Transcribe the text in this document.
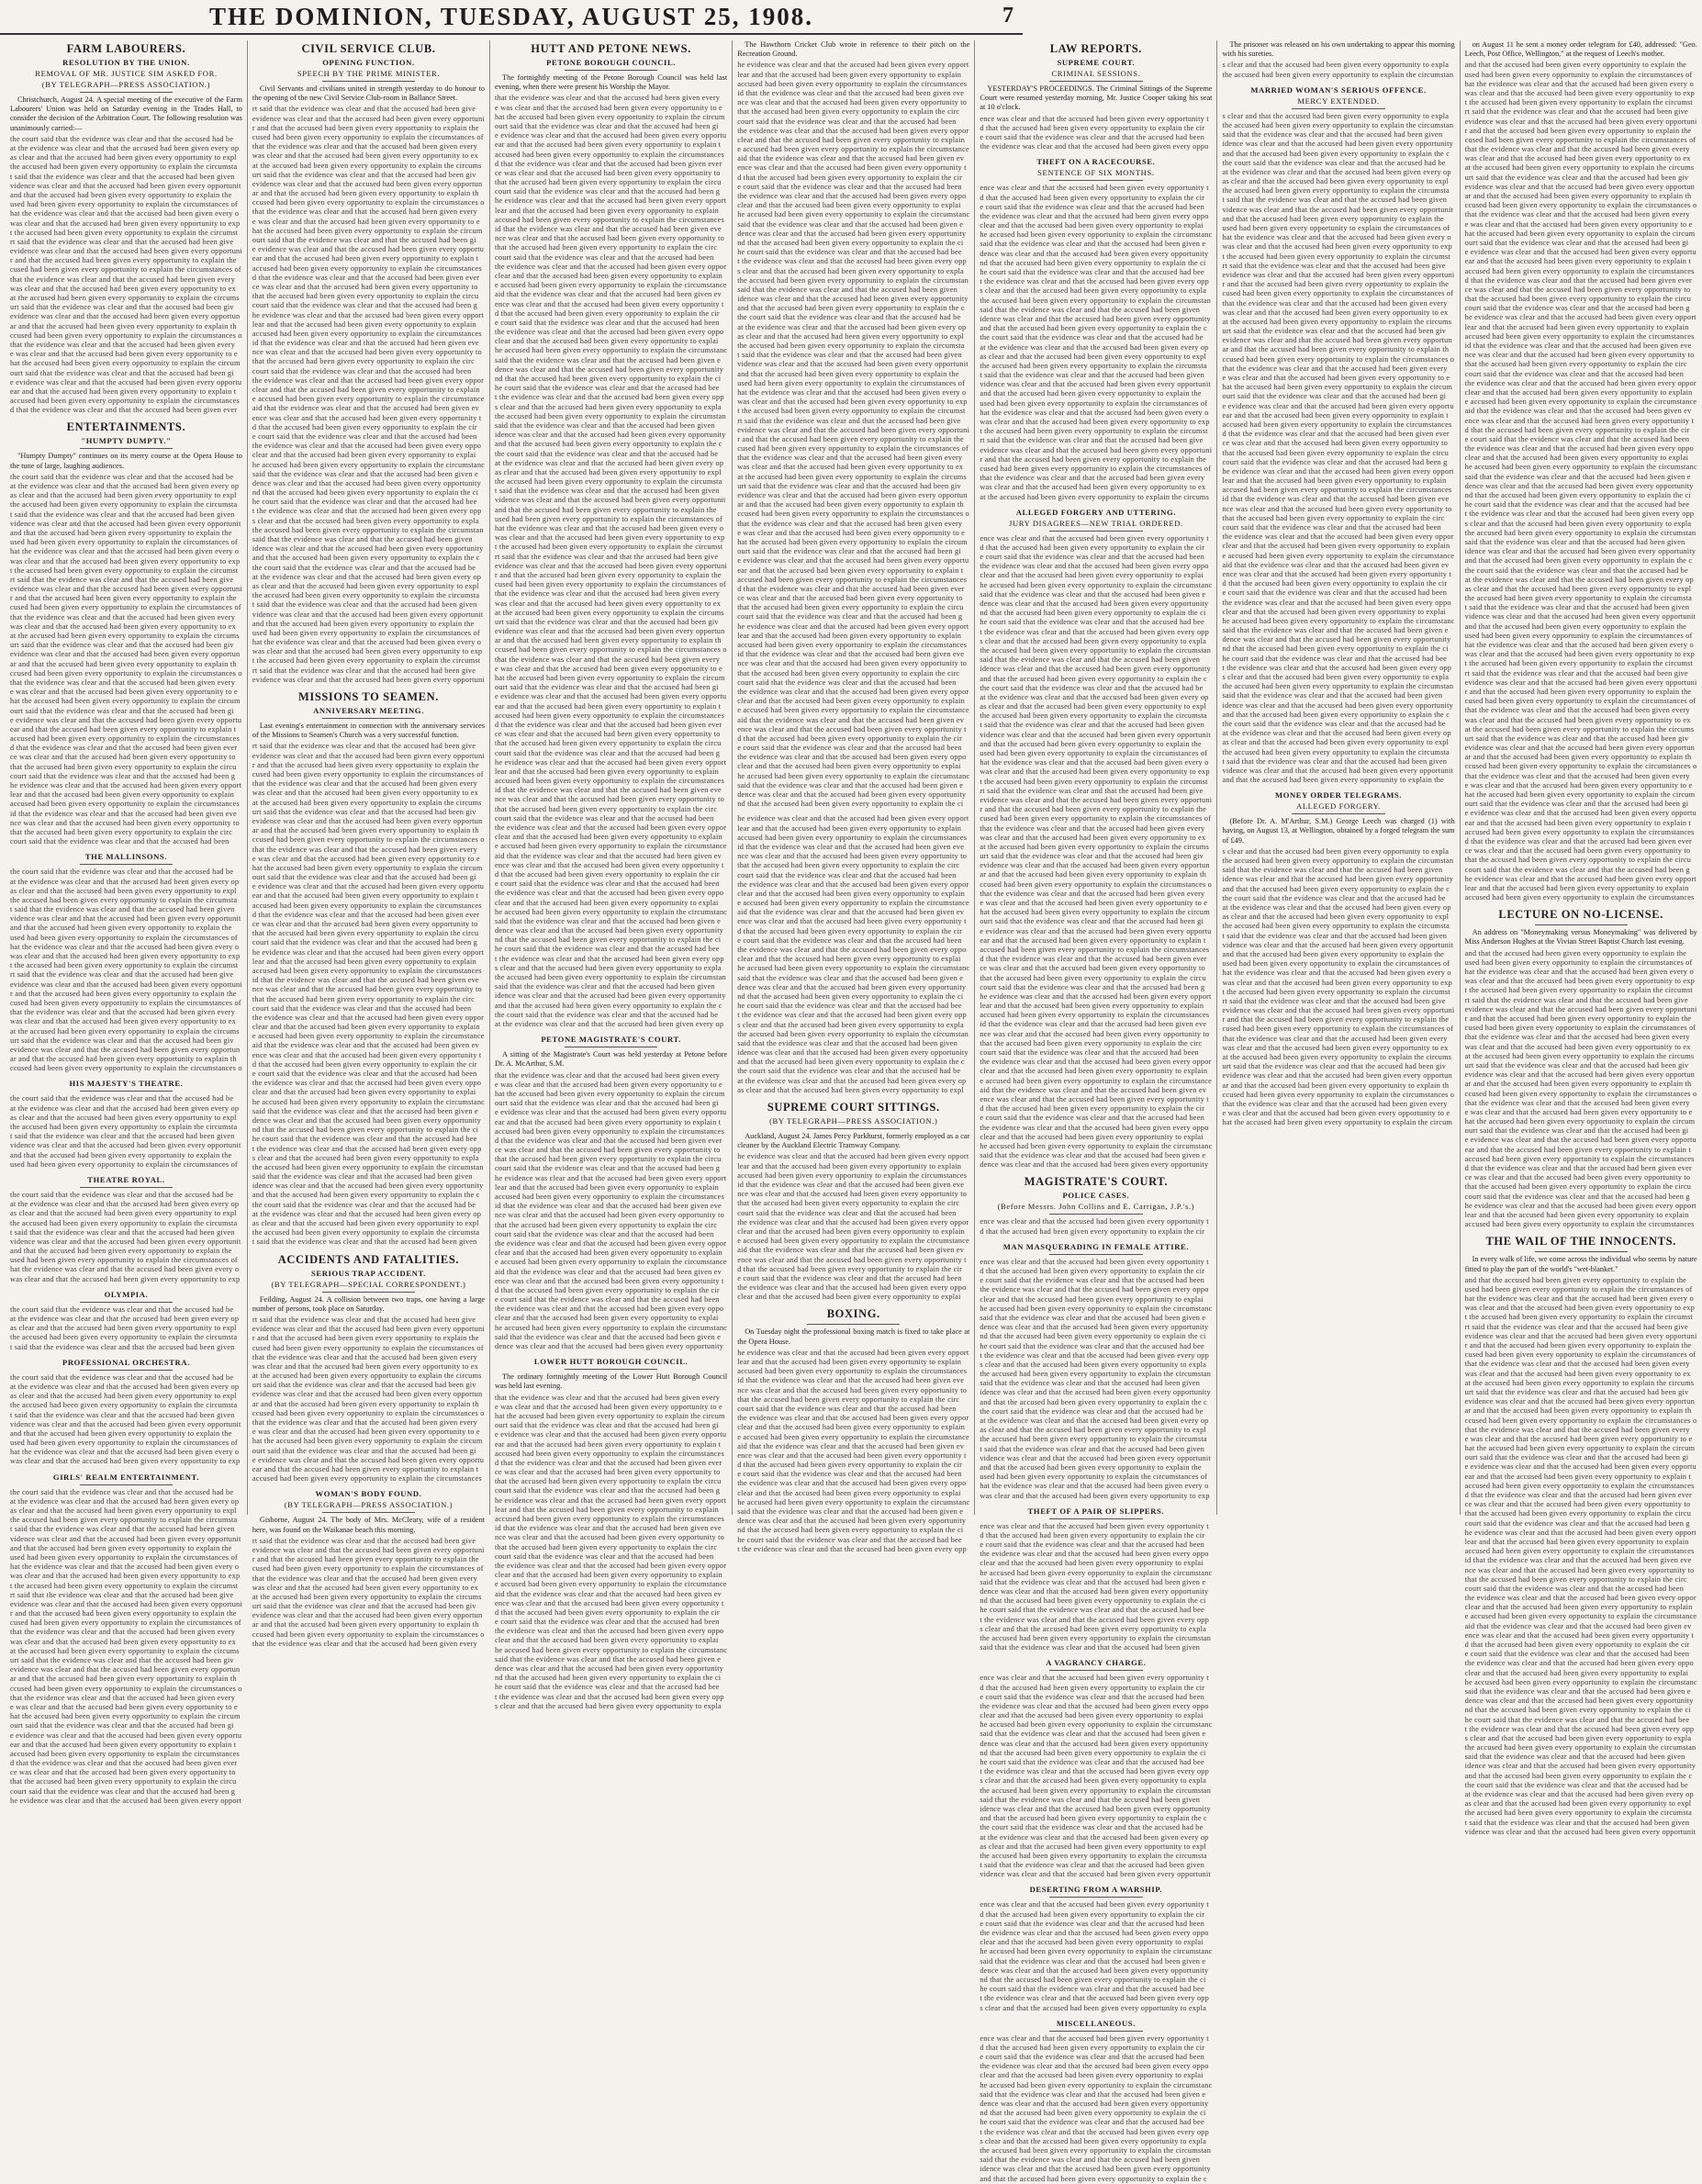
THE DOMINION, TUESDAY, AUGUST 25, 1908.	7
FARM LABOURERS.
RESOLUTION BY THE UNION.
REMOVAL OF MR. JUSTICE SIM ASKED FOR.
(BY TELEGRAPH—PRESS ASSOCIATION.)

Christchurch, August 24. A special meeting of the executive of the Farm Labourers' Union was held on Saturday evening in the Trades Hall, to consider the decision of the Arbitration Court. The following resolution was unanimously carried:—

the court said that the evidence was clear and that the accused had be
at the evidence was clear and that the accused had been given every op
as clear and that the accused had been given every opportunity to expl
the accused had been given every opportunity to explain the circumsta
t said that the evidence was clear and that the accused had been given
vidence was clear and that the accused had been given every opportunit
and that the accused had been given every opportunity to explain the
used had been given every opportunity to explain the circumstances of
hat the evidence was clear and that the accused had been given every o
was clear and that the accused had been given every opportunity to exp
t the accused had been given every opportunity to explain the circumst
rt said that the evidence was clear and that the accused had been give
evidence was clear and that the accused had been given every opportuni
r and that the accused had been given every opportunity to explain the
cused had been given every opportunity to explain the circumstances of
that the evidence was clear and that the accused had been given every
was clear and that the accused had been given every opportunity to ex
at the accused had been given every opportunity to explain the circums
urt said that the evidence was clear and that the accused had been giv
evidence was clear and that the accused had been given every opportun
ar and that the accused had been given every opportunity to explain th
ccused had been given every opportunity to explain the circumstances o
that the evidence was clear and that the accused had been given every
e was clear and that the accused had been given every opportunity to e
hat the accused had been given every opportunity to explain the circum
ourt said that the evidence was clear and that the accused had been gi
e evidence was clear and that the accused had been given every opportu
ear and that the accused had been given every opportunity to explain t
accused had been given every opportunity to explain the circumstances
d that the evidence was clear and that the accused had been given ever
ENTERTAINMENTS.
"HUMPTY DUMPTY."

"Humpty Dumpty" continues on its merry course at the Opera House to the tune of large, laughing audiences.

the court said that the evidence was clear and that the accused had be
at the evidence was clear and that the accused had been given every op
as clear and that the accused had been given every opportunity to expl
the accused had been given every opportunity to explain the circumsta
t said that the evidence was clear and that the accused had been given
vidence was clear and that the accused had been given every opportunit
and that the accused had been given every opportunity to explain the
used had been given every opportunity to explain the circumstances of
hat the evidence was clear and that the accused had been given every o
was clear and that the accused had been given every opportunity to exp
t the accused had been given every opportunity to explain the circumst
rt said that the evidence was clear and that the accused had been give
evidence was clear and that the accused had been given every opportuni
r and that the accused had been given every opportunity to explain the
cused had been given every opportunity to explain the circumstances of
that the evidence was clear and that the accused had been given every
was clear and that the accused had been given every opportunity to ex
at the accused had been given every opportunity to explain the circums
urt said that the evidence was clear and that the accused had been giv
evidence was clear and that the accused had been given every opportun
ar and that the accused had been given every opportunity to explain th
ccused had been given every opportunity to explain the circumstances o
that the evidence was clear and that the accused had been given every
e was clear and that the accused had been given every opportunity to e
hat the accused had been given every opportunity to explain the circum
ourt said that the evidence was clear and that the accused had been gi
e evidence was clear and that the accused had been given every opportu
ear and that the accused had been given every opportunity to explain t
accused had been given every opportunity to explain the circumstances
d that the evidence was clear and that the accused had been given ever
ce was clear and that the accused had been given every opportunity to
that the accused had been given every opportunity to explain the circu
court said that the evidence was clear and that the accused had been g
he evidence was clear and that the accused had been given every opport
lear and that the accused had been given every opportunity to explain
accused had been given every opportunity to explain the circumstances
id that the evidence was clear and that the accused had been given eve
nce was clear and that the accused had been given every opportunity to
that the accused had been given every opportunity to explain the circ
court said that the evidence was clear and that the accused had been
THE MALLINSONS.
the court said that the evidence was clear and that the accused had be
at the evidence was clear and that the accused had been given every op
as clear and that the accused had been given every opportunity to expl
the accused had been given every opportunity to explain the circumsta
t said that the evidence was clear and that the accused had been given
vidence was clear and that the accused had been given every opportunit
and that the accused had been given every opportunity to explain the
used had been given every opportunity to explain the circumstances of
hat the evidence was clear and that the accused had been given every o
was clear and that the accused had been given every opportunity to exp
t the accused had been given every opportunity to explain the circumst
rt said that the evidence was clear and that the accused had been give
evidence was clear and that the accused had been given every opportuni
r and that the accused had been given every opportunity to explain the
cused had been given every opportunity to explain the circumstances of
that the evidence was clear and that the accused had been given every
was clear and that the accused had been given every opportunity to ex
at the accused had been given every opportunity to explain the circums
urt said that the evidence was clear and that the accused had been giv
evidence was clear and that the accused had been given every opportun
ar and that the accused had been given every opportunity to explain th
ccused had been given every opportunity to explain the circumstances o
HIS MAJESTY'S THEATRE.
the court said that the evidence was clear and that the accused had be
at the evidence was clear and that the accused had been given every op
as clear and that the accused had been given every opportunity to expl
the accused had been given every opportunity to explain the circumsta
t said that the evidence was clear and that the accused had been given
vidence was clear and that the accused had been given every opportunit
and that the accused had been given every opportunity to explain the
used had been given every opportunity to explain the circumstances of
THEATRE ROYAL.
the court said that the evidence was clear and that the accused had be
at the evidence was clear and that the accused had been given every op
as clear and that the accused had been given every opportunity to expl
the accused had been given every opportunity to explain the circumsta
t said that the evidence was clear and that the accused had been given
vidence was clear and that the accused had been given every opportunit
and that the accused had been given every opportunity to explain the
used had been given every opportunity to explain the circumstances of
hat the evidence was clear and that the accused had been given every o
was clear and that the accused had been given every opportunity to exp
OLYMPIA.
the court said that the evidence was clear and that the accused had be
at the evidence was clear and that the accused had been given every op
as clear and that the accused had been given every opportunity to expl
the accused had been given every opportunity to explain the circumsta
t said that the evidence was clear and that the accused had been given
PROFESSIONAL ORCHESTRA.
the court said that the evidence was clear and that the accused had be
at the evidence was clear and that the accused had been given every op
as clear and that the accused had been given every opportunity to expl
the accused had been given every opportunity to explain the circumsta
t said that the evidence was clear and that the accused had been given
vidence was clear and that the accused had been given every opportunit
and that the accused had been given every opportunity to explain the
used had been given every opportunity to explain the circumstances of
hat the evidence was clear and that the accused had been given every o
was clear and that the accused had been given every opportunity to exp
GIRLS' REALM ENTERTAINMENT.
the court said that the evidence was clear and that the accused had be
at the evidence was clear and that the accused had been given every op
as clear and that the accused had been given every opportunity to expl
the accused had been given every opportunity to explain the circumsta
t said that the evidence was clear and that the accused had been given
vidence was clear and that the accused had been given every opportunit
and that the accused had been given every opportunity to explain the
used had been given every opportunity to explain the circumstances of
hat the evidence was clear and that the accused had been given every o
was clear and that the accused had been given every opportunity to exp
t the accused had been given every opportunity to explain the circumst
rt said that the evidence was clear and that the accused had been give
evidence was clear and that the accused had been given every opportuni
r and that the accused had been given every opportunity to explain the
cused had been given every opportunity to explain the circumstances of
that the evidence was clear and that the accused had been given every
was clear and that the accused had been given every opportunity to ex
at the accused had been given every opportunity to explain the circums
urt said that the evidence was clear and that the accused had been giv
evidence was clear and that the accused had been given every opportun
ar and that the accused had been given every opportunity to explain th
ccused had been given every opportunity to explain the circumstances o
that the evidence was clear and that the accused had been given every
e was clear and that the accused had been given every opportunity to e
hat the accused had been given every opportunity to explain the circum
ourt said that the evidence was clear and that the accused had been gi
e evidence was clear and that the accused had been given every opportu
ear and that the accused had been given every opportunity to explain t
accused had been given every opportunity to explain the circumstances
d that the evidence was clear and that the accused had been given ever
ce was clear and that the accused had been given every opportunity to
that the accused had been given every opportunity to explain the circu
court said that the evidence was clear and that the accused had been g
he evidence was clear and that the accused had been given every opport
CIVIL SERVICE CLUB.
OPENING FUNCTION.
SPEECH BY THE PRIME MINISTER.

Civil Servants and civilians united in strength yesterday to do honour to the opening of the new Civil Service Club-room in Ballance Street.

rt said that the evidence was clear and that the accused had been give
evidence was clear and that the accused had been given every opportuni
r and that the accused had been given every opportunity to explain the
cused had been given every opportunity to explain the circumstances of
that the evidence was clear and that the accused had been given every
was clear and that the accused had been given every opportunity to ex
at the accused had been given every opportunity to explain the circums
urt said that the evidence was clear and that the accused had been giv
evidence was clear and that the accused had been given every opportun
ar and that the accused had been given every opportunity to explain th
ccused had been given every opportunity to explain the circumstances o
that the evidence was clear and that the accused had been given every
e was clear and that the accused had been given every opportunity to e
hat the accused had been given every opportunity to explain the circum
ourt said that the evidence was clear and that the accused had been gi
e evidence was clear and that the accused had been given every opportu
ear and that the accused had been given every opportunity to explain t
accused had been given every opportunity to explain the circumstances
d that the evidence was clear and that the accused had been given ever
ce was clear and that the accused had been given every opportunity to
that the accused had been given every opportunity to explain the circu
court said that the evidence was clear and that the accused had been g
he evidence was clear and that the accused had been given every opport
lear and that the accused had been given every opportunity to explain
accused had been given every opportunity to explain the circumstances
id that the evidence was clear and that the accused had been given eve
nce was clear and that the accused had been given every opportunity to
that the accused had been given every opportunity to explain the circ
court said that the evidence was clear and that the accused had been
the evidence was clear and that the accused had been given every oppor
clear and that the accused had been given every opportunity to explain
e accused had been given every opportunity to explain the circumstance
aid that the evidence was clear and that the accused had been given ev
ence was clear and that the accused had been given every opportunity t
d that the accused had been given every opportunity to explain the cir
e court said that the evidence was clear and that the accused had been
the evidence was clear and that the accused had been given every oppo
clear and that the accused had been given every opportunity to explai
he accused had been given every opportunity to explain the circumstanc
said that the evidence was clear and that the accused had been given e
dence was clear and that the accused had been given every opportunity
nd that the accused had been given every opportunity to explain the ci
he court said that the evidence was clear and that the accused had bee
t the evidence was clear and that the accused had been given every opp
s clear and that the accused had been given every opportunity to expla
the accused had been given every opportunity to explain the circumstan
said that the evidence was clear and that the accused had been given
idence was clear and that the accused had been given every opportunity
and that the accused had been given every opportunity to explain the c
the court said that the evidence was clear and that the accused had be
at the evidence was clear and that the accused had been given every op
as clear and that the accused had been given every opportunity to expl
the accused had been given every opportunity to explain the circumsta
t said that the evidence was clear and that the accused had been given
vidence was clear and that the accused had been given every opportunit
and that the accused had been given every opportunity to explain the
used had been given every opportunity to explain the circumstances of
hat the evidence was clear and that the accused had been given every o
was clear and that the accused had been given every opportunity to exp
t the accused had been given every opportunity to explain the circumst
rt said that the evidence was clear and that the accused had been give
evidence was clear and that the accused had been given every opportuni
MISSIONS TO SEAMEN.
ANNIVERSARY MEETING.

Last evening's entertainment in connection with the anniversary services of the Missions to Seamen's Church was a very successful function.

rt said that the evidence was clear and that the accused had been give
evidence was clear and that the accused had been given every opportuni
r and that the accused had been given every opportunity to explain the
cused had been given every opportunity to explain the circumstances of
that the evidence was clear and that the accused had been given every
was clear and that the accused had been given every opportunity to ex
at the accused had been given every opportunity to explain the circums
urt said that the evidence was clear and that the accused had been giv
evidence was clear and that the accused had been given every opportun
ar and that the accused had been given every opportunity to explain th
ccused had been given every opportunity to explain the circumstances o
that the evidence was clear and that the accused had been given every
e was clear and that the accused had been given every opportunity to e
hat the accused had been given every opportunity to explain the circum
ourt said that the evidence was clear and that the accused had been gi
e evidence was clear and that the accused had been given every opportu
ear and that the accused had been given every opportunity to explain t
accused had been given every opportunity to explain the circumstances
d that the evidence was clear and that the accused had been given ever
ce was clear and that the accused had been given every opportunity to
that the accused had been given every opportunity to explain the circu
court said that the evidence was clear and that the accused had been g
he evidence was clear and that the accused had been given every opport
lear and that the accused had been given every opportunity to explain
accused had been given every opportunity to explain the circumstances
id that the evidence was clear and that the accused had been given eve
nce was clear and that the accused had been given every opportunity to
that the accused had been given every opportunity to explain the circ
court said that the evidence was clear and that the accused had been
the evidence was clear and that the accused had been given every oppor
clear and that the accused had been given every opportunity to explain
e accused had been given every opportunity to explain the circumstance
aid that the evidence was clear and that the accused had been given ev
ence was clear and that the accused had been given every opportunity t
d that the accused had been given every opportunity to explain the cir
e court said that the evidence was clear and that the accused had been
the evidence was clear and that the accused had been given every oppo
clear and that the accused had been given every opportunity to explai
he accused had been given every opportunity to explain the circumstanc
said that the evidence was clear and that the accused had been given e
dence was clear and that the accused had been given every opportunity
nd that the accused had been given every opportunity to explain the ci
he court said that the evidence was clear and that the accused had bee
t the evidence was clear and that the accused had been given every opp
s clear and that the accused had been given every opportunity to expla
the accused had been given every opportunity to explain the circumstan
said that the evidence was clear and that the accused had been given
idence was clear and that the accused had been given every opportunity
and that the accused had been given every opportunity to explain the c
the court said that the evidence was clear and that the accused had be
at the evidence was clear and that the accused had been given every op
as clear and that the accused had been given every opportunity to expl
the accused had been given every opportunity to explain the circumsta
t said that the evidence was clear and that the accused had been given
ACCIDENTS AND FATALITIES.
SERIOUS TRAP ACCIDENT.
(BY TELEGRAPH—SPECIAL CORRESPONDENT.)

Feilding, August 24. A collision between two traps, one having a large number of persons, took place on Saturday.

rt said that the evidence was clear and that the accused had been give
evidence was clear and that the accused had been given every opportuni
r and that the accused had been given every opportunity to explain the
cused had been given every opportunity to explain the circumstances of
that the evidence was clear and that the accused had been given every
was clear and that the accused had been given every opportunity to ex
at the accused had been given every opportunity to explain the circums
urt said that the evidence was clear and that the accused had been giv
evidence was clear and that the accused had been given every opportun
ar and that the accused had been given every opportunity to explain th
ccused had been given every opportunity to explain the circumstances o
that the evidence was clear and that the accused had been given every
e was clear and that the accused had been given every opportunity to e
hat the accused had been given every opportunity to explain the circum
ourt said that the evidence was clear and that the accused had been gi
e evidence was clear and that the accused had been given every opportu
ear and that the accused had been given every opportunity to explain t
accused had been given every opportunity to explain the circumstances
WOMAN'S BODY FOUND.
(BY TELEGRAPH—PRESS ASSOCIATION.)

Gisborne, August 24. The body of Mrs. McCleary, wife of a resident here, was found on the Waikanae beach this morning.

rt said that the evidence was clear and that the accused had been give
evidence was clear and that the accused had been given every opportuni
r and that the accused had been given every opportunity to explain the
cused had been given every opportunity to explain the circumstances of
that the evidence was clear and that the accused had been given every
was clear and that the accused had been given every opportunity to ex
at the accused had been given every opportunity to explain the circums
urt said that the evidence was clear and that the accused had been giv
evidence was clear and that the accused had been given every opportun
ar and that the accused had been given every opportunity to explain th
ccused had been given every opportunity to explain the circumstances o
that the evidence was clear and that the accused had been given every
HUTT AND PETONE NEWS.
PETONE BOROUGH COUNCIL.

The fortnightly meeting of the Petone Borough Council was held last evening, when there were present his Worship the Mayor.

that the evidence was clear and that the accused had been given every
e was clear and that the accused had been given every opportunity to e
hat the accused had been given every opportunity to explain the circum
ourt said that the evidence was clear and that the accused had been gi
e evidence was clear and that the accused had been given every opportu
ear and that the accused had been given every opportunity to explain t
accused had been given every opportunity to explain the circumstances
d that the evidence was clear and that the accused had been given ever
ce was clear and that the accused had been given every opportunity to
that the accused had been given every opportunity to explain the circu
court said that the evidence was clear and that the accused had been g
he evidence was clear and that the accused had been given every opport
lear and that the accused had been given every opportunity to explain
accused had been given every opportunity to explain the circumstances
id that the evidence was clear and that the accused had been given eve
nce was clear and that the accused had been given every opportunity to
that the accused had been given every opportunity to explain the circ
court said that the evidence was clear and that the accused had been
the evidence was clear and that the accused had been given every oppor
clear and that the accused had been given every opportunity to explain
e accused had been given every opportunity to explain the circumstance
aid that the evidence was clear and that the accused had been given ev
ence was clear and that the accused had been given every opportunity t
d that the accused had been given every opportunity to explain the cir
e court said that the evidence was clear and that the accused had been
the evidence was clear and that the accused had been given every oppo
clear and that the accused had been given every opportunity to explai
he accused had been given every opportunity to explain the circumstanc
said that the evidence was clear and that the accused had been given e
dence was clear and that the accused had been given every opportunity
nd that the accused had been given every opportunity to explain the ci
he court said that the evidence was clear and that the accused had bee
t the evidence was clear and that the accused had been given every opp
s clear and that the accused had been given every opportunity to expla
the accused had been given every opportunity to explain the circumstan
said that the evidence was clear and that the accused had been given
idence was clear and that the accused had been given every opportunity
and that the accused had been given every opportunity to explain the c
the court said that the evidence was clear and that the accused had be
at the evidence was clear and that the accused had been given every op
as clear and that the accused had been given every opportunity to expl
the accused had been given every opportunity to explain the circumsta
t said that the evidence was clear and that the accused had been given
vidence was clear and that the accused had been given every opportunit
and that the accused had been given every opportunity to explain the
used had been given every opportunity to explain the circumstances of
hat the evidence was clear and that the accused had been given every o
was clear and that the accused had been given every opportunity to exp
t the accused had been given every opportunity to explain the circumst
rt said that the evidence was clear and that the accused had been give
evidence was clear and that the accused had been given every opportuni
r and that the accused had been given every opportunity to explain the
cused had been given every opportunity to explain the circumstances of
that the evidence was clear and that the accused had been given every
was clear and that the accused had been given every opportunity to ex
at the accused had been given every opportunity to explain the circums
urt said that the evidence was clear and that the accused had been giv
evidence was clear and that the accused had been given every opportun
ar and that the accused had been given every opportunity to explain th
ccused had been given every opportunity to explain the circumstances o
that the evidence was clear and that the accused had been given every
e was clear and that the accused had been given every opportunity to e
hat the accused had been given every opportunity to explain the circum
ourt said that the evidence was clear and that the accused had been gi
e evidence was clear and that the accused had been given every opportu
ear and that the accused had been given every opportunity to explain t
accused had been given every opportunity to explain the circumstances
d that the evidence was clear and that the accused had been given ever
ce was clear and that the accused had been given every opportunity to
that the accused had been given every opportunity to explain the circu
court said that the evidence was clear and that the accused had been g
he evidence was clear and that the accused had been given every opport
lear and that the accused had been given every opportunity to explain
accused had been given every opportunity to explain the circumstances
id that the evidence was clear and that the accused had been given eve
nce was clear and that the accused had been given every opportunity to
that the accused had been given every opportunity to explain the circ
court said that the evidence was clear and that the accused had been
the evidence was clear and that the accused had been given every oppor
clear and that the accused had been given every opportunity to explain
e accused had been given every opportunity to explain the circumstance
aid that the evidence was clear and that the accused had been given ev
ence was clear and that the accused had been given every opportunity t
d that the accused had been given every opportunity to explain the cir
e court said that the evidence was clear and that the accused had been
the evidence was clear and that the accused had been given every oppo
clear and that the accused had been given every opportunity to explai
he accused had been given every opportunity to explain the circumstanc
said that the evidence was clear and that the accused had been given e
dence was clear and that the accused had been given every opportunity
nd that the accused had been given every opportunity to explain the ci
he court said that the evidence was clear and that the accused had bee
t the evidence was clear and that the accused had been given every opp
s clear and that the accused had been given every opportunity to expla
the accused had been given every opportunity to explain the circumstan
said that the evidence was clear and that the accused had been given
idence was clear and that the accused had been given every opportunity
and that the accused had been given every opportunity to explain the c
the court said that the evidence was clear and that the accused had be
at the evidence was clear and that the accused had been given every op
PETONE MAGISTRATE'S COURT.

A sitting of the Magistrate's Court was held yesterday at Petone before Dr. A. McArthur, S.M.

that the evidence was clear and that the accused had been given every
e was clear and that the accused had been given every opportunity to e
hat the accused had been given every opportunity to explain the circum
ourt said that the evidence was clear and that the accused had been gi
e evidence was clear and that the accused had been given every opportu
ear and that the accused had been given every opportunity to explain t
accused had been given every opportunity to explain the circumstances
d that the evidence was clear and that the accused had been given ever
ce was clear and that the accused had been given every opportunity to
that the accused had been given every opportunity to explain the circu
court said that the evidence was clear and that the accused had been g
he evidence was clear and that the accused had been given every opport
lear and that the accused had been given every opportunity to explain
accused had been given every opportunity to explain the circumstances
id that the evidence was clear and that the accused had been given eve
nce was clear and that the accused had been given every opportunity to
that the accused had been given every opportunity to explain the circ
court said that the evidence was clear and that the accused had been
the evidence was clear and that the accused had been given every oppor
clear and that the accused had been given every opportunity to explain
e accused had been given every opportunity to explain the circumstance
aid that the evidence was clear and that the accused had been given ev
ence was clear and that the accused had been given every opportunity t
d that the accused had been given every opportunity to explain the cir
e court said that the evidence was clear and that the accused had been
the evidence was clear and that the accused had been given every oppo
clear and that the accused had been given every opportunity to explai
he accused had been given every opportunity to explain the circumstanc
said that the evidence was clear and that the accused had been given e
dence was clear and that the accused had been given every opportunity
LOWER HUTT BOROUGH COUNCIL.

The ordinary fortnightly meeting of the Lower Hutt Borough Council was held last evening.

that the evidence was clear and that the accused had been given every
e was clear and that the accused had been given every opportunity to e
hat the accused had been given every opportunity to explain the circum
ourt said that the evidence was clear and that the accused had been gi
e evidence was clear and that the accused had been given every opportu
ear and that the accused had been given every opportunity to explain t
accused had been given every opportunity to explain the circumstances
d that the evidence was clear and that the accused had been given ever
ce was clear and that the accused had been given every opportunity to
that the accused had been given every opportunity to explain the circu
court said that the evidence was clear and that the accused had been g
he evidence was clear and that the accused had been given every opport
lear and that the accused had been given every opportunity to explain
accused had been given every opportunity to explain the circumstances
id that the evidence was clear and that the accused had been given eve
nce was clear and that the accused had been given every opportunity to
that the accused had been given every opportunity to explain the circ
court said that the evidence was clear and that the accused had been
the evidence was clear and that the accused had been given every oppor
clear and that the accused had been given every opportunity to explain
e accused had been given every opportunity to explain the circumstance
aid that the evidence was clear and that the accused had been given ev
ence was clear and that the accused had been given every opportunity t
d that the accused had been given every opportunity to explain the cir
e court said that the evidence was clear and that the accused had been
the evidence was clear and that the accused had been given every oppo
clear and that the accused had been given every opportunity to explai
he accused had been given every opportunity to explain the circumstanc
said that the evidence was clear and that the accused had been given e
dence was clear and that the accused had been given every opportunity
nd that the accused had been given every opportunity to explain the ci
he court said that the evidence was clear and that the accused had bee
t the evidence was clear and that the accused had been given every opp
s clear and that the accused had been given every opportunity to expla

The Hawthorn Cricket Club wrote in reference to their pitch on the Recreation Ground.

he evidence was clear and that the accused had been given every opport
lear and that the accused had been given every opportunity to explain
accused had been given every opportunity to explain the circumstances
id that the evidence was clear and that the accused had been given eve
nce was clear and that the accused had been given every opportunity to
that the accused had been given every opportunity to explain the circ
court said that the evidence was clear and that the accused had been
the evidence was clear and that the accused had been given every oppor
clear and that the accused had been given every opportunity to explain
e accused had been given every opportunity to explain the circumstance
aid that the evidence was clear and that the accused had been given ev
ence was clear and that the accused had been given every opportunity t
d that the accused had been given every opportunity to explain the cir
e court said that the evidence was clear and that the accused had been
the evidence was clear and that the accused had been given every oppo
clear and that the accused had been given every opportunity to explai
he accused had been given every opportunity to explain the circumstanc
said that the evidence was clear and that the accused had been given e
dence was clear and that the accused had been given every opportunity
nd that the accused had been given every opportunity to explain the ci
he court said that the evidence was clear and that the accused had bee
t the evidence was clear and that the accused had been given every opp
s clear and that the accused had been given every opportunity to expla
the accused had been given every opportunity to explain the circumstan
said that the evidence was clear and that the accused had been given
idence was clear and that the accused had been given every opportunity
and that the accused had been given every opportunity to explain the c
the court said that the evidence was clear and that the accused had be
at the evidence was clear and that the accused had been given every op
as clear and that the accused had been given every opportunity to expl
the accused had been given every opportunity to explain the circumsta
t said that the evidence was clear and that the accused had been given
vidence was clear and that the accused had been given every opportunit
and that the accused had been given every opportunity to explain the
used had been given every opportunity to explain the circumstances of
hat the evidence was clear and that the accused had been given every o
was clear and that the accused had been given every opportunity to exp
t the accused had been given every opportunity to explain the circumst
rt said that the evidence was clear and that the accused had been give
evidence was clear and that the accused had been given every opportuni
r and that the accused had been given every opportunity to explain the
cused had been given every opportunity to explain the circumstances of
that the evidence was clear and that the accused had been given every
was clear and that the accused had been given every opportunity to ex
at the accused had been given every opportunity to explain the circums
urt said that the evidence was clear and that the accused had been giv
evidence was clear and that the accused had been given every opportun
ar and that the accused had been given every opportunity to explain th
ccused had been given every opportunity to explain the circumstances o
that the evidence was clear and that the accused had been given every
e was clear and that the accused had been given every opportunity to e
hat the accused had been given every opportunity to explain the circum
ourt said that the evidence was clear and that the accused had been gi
e evidence was clear and that the accused had been given every opportu
ear and that the accused had been given every opportunity to explain t
accused had been given every opportunity to explain the circumstances
d that the evidence was clear and that the accused had been given ever
ce was clear and that the accused had been given every opportunity to
that the accused had been given every opportunity to explain the circu
court said that the evidence was clear and that the accused had been g
he evidence was clear and that the accused had been given every opport
lear and that the accused had been given every opportunity to explain
accused had been given every opportunity to explain the circumstances
id that the evidence was clear and that the accused had been given eve
nce was clear and that the accused had been given every opportunity to
that the accused had been given every opportunity to explain the circ
court said that the evidence was clear and that the accused had been
the evidence was clear and that the accused had been given every oppor
clear and that the accused had been given every opportunity to explain
e accused had been given every opportunity to explain the circumstance
aid that the evidence was clear and that the accused had been given ev
ence was clear and that the accused had been given every opportunity t
d that the accused had been given every opportunity to explain the cir
e court said that the evidence was clear and that the accused had been
the evidence was clear and that the accused had been given every oppo
clear and that the accused had been given every opportunity to explai
he accused had been given every opportunity to explain the circumstanc
said that the evidence was clear and that the accused had been given e
dence was clear and that the accused had been given every opportunity
nd that the accused had been given every opportunity to explain the ci
he evidence was clear and that the accused had been given every opport
lear and that the accused had been given every opportunity to explain
accused had been given every opportunity to explain the circumstances
id that the evidence was clear and that the accused had been given eve
nce was clear and that the accused had been given every opportunity to
that the accused had been given every opportunity to explain the circ
court said that the evidence was clear and that the accused had been
the evidence was clear and that the accused had been given every oppor
clear and that the accused had been given every opportunity to explain
e accused had been given every opportunity to explain the circumstance
aid that the evidence was clear and that the accused had been given ev
ence was clear and that the accused had been given every opportunity t
d that the accused had been given every opportunity to explain the cir
e court said that the evidence was clear and that the accused had been
the evidence was clear and that the accused had been given every oppo
clear and that the accused had been given every opportunity to explai
he accused had been given every opportunity to explain the circumstanc
said that the evidence was clear and that the accused had been given e
dence was clear and that the accused had been given every opportunity
nd that the accused had been given every opportunity to explain the ci
he court said that the evidence was clear and that the accused had bee
t the evidence was clear and that the accused had been given every opp
s clear and that the accused had been given every opportunity to expla
the accused had been given every opportunity to explain the circumstan
said that the evidence was clear and that the accused had been given
idence was clear and that the accused had been given every opportunity
and that the accused had been given every opportunity to explain the c
the court said that the evidence was clear and that the accused had be
at the evidence was clear and that the accused had been given every op
as clear and that the accused had been given every opportunity to expl
SUPREME COURT SITTINGS.
(BY TELEGRAPH—PRESS ASSOCIATION.)

Auckland, August 24. James Percy Parkhurst, formerly employed as a car cleaner by the Auckland Electric Tramway Company.

he evidence was clear and that the accused had been given every opport
lear and that the accused had been given every opportunity to explain
accused had been given every opportunity to explain the circumstances
id that the evidence was clear and that the accused had been given eve
nce was clear and that the accused had been given every opportunity to
that the accused had been given every opportunity to explain the circ
court said that the evidence was clear and that the accused had been
the evidence was clear and that the accused had been given every oppor
clear and that the accused had been given every opportunity to explain
e accused had been given every opportunity to explain the circumstance
aid that the evidence was clear and that the accused had been given ev
ence was clear and that the accused had been given every opportunity t
d that the accused had been given every opportunity to explain the cir
e court said that the evidence was clear and that the accused had been
the evidence was clear and that the accused had been given every oppo
clear and that the accused had been given every opportunity to explai
BOXING.

On Tuesday night the professional boxing match is fixed to take place at the Opera House.

he evidence was clear and that the accused had been given every opport
lear and that the accused had been given every opportunity to explain
accused had been given every opportunity to explain the circumstances
id that the evidence was clear and that the accused had been given eve
nce was clear and that the accused had been given every opportunity to
that the accused had been given every opportunity to explain the circ
court said that the evidence was clear and that the accused had been
the evidence was clear and that the accused had been given every oppor
clear and that the accused had been given every opportunity to explain
e accused had been given every opportunity to explain the circumstance
aid that the evidence was clear and that the accused had been given ev
ence was clear and that the accused had been given every opportunity t
d that the accused had been given every opportunity to explain the cir
e court said that the evidence was clear and that the accused had been
the evidence was clear and that the accused had been given every oppo
clear and that the accused had been given every opportunity to explai
he accused had been given every opportunity to explain the circumstanc
said that the evidence was clear and that the accused had been given e
dence was clear and that the accused had been given every opportunity
nd that the accused had been given every opportunity to explain the ci
he court said that the evidence was clear and that the accused had bee
t the evidence was clear and that the accused had been given every opp
LAW REPORTS.
SUPREME COURT.
CRIMINAL SESSIONS.

YESTERDAY'S PROCEEDINGS. The Criminal Sittings of the Supreme Court were resumed yesterday morning, Mr. Justice Cooper taking his seat at 10 o'clock.

ence was clear and that the accused had been given every opportunity t
d that the accused had been given every opportunity to explain the cir
e court said that the evidence was clear and that the accused had been
the evidence was clear and that the accused had been given every oppo
THEFT ON A RACECOURSE.
SENTENCE OF SIX MONTHS.
ence was clear and that the accused had been given every opportunity t
d that the accused had been given every opportunity to explain the cir
e court said that the evidence was clear and that the accused had been
the evidence was clear and that the accused had been given every oppo
clear and that the accused had been given every opportunity to explai
he accused had been given every opportunity to explain the circumstanc
said that the evidence was clear and that the accused had been given e
dence was clear and that the accused had been given every opportunity
nd that the accused had been given every opportunity to explain the ci
he court said that the evidence was clear and that the accused had bee
t the evidence was clear and that the accused had been given every opp
s clear and that the accused had been given every opportunity to expla
the accused had been given every opportunity to explain the circumstan
said that the evidence was clear and that the accused had been given
idence was clear and that the accused had been given every opportunity
and that the accused had been given every opportunity to explain the c
the court said that the evidence was clear and that the accused had be
at the evidence was clear and that the accused had been given every op
as clear and that the accused had been given every opportunity to expl
the accused had been given every opportunity to explain the circumsta
t said that the evidence was clear and that the accused had been given
vidence was clear and that the accused had been given every opportunit
and that the accused had been given every opportunity to explain the
used had been given every opportunity to explain the circumstances of
hat the evidence was clear and that the accused had been given every o
was clear and that the accused had been given every opportunity to exp
t the accused had been given every opportunity to explain the circumst
rt said that the evidence was clear and that the accused had been give
evidence was clear and that the accused had been given every opportuni
r and that the accused had been given every opportunity to explain the
cused had been given every opportunity to explain the circumstances of
that the evidence was clear and that the accused had been given every
was clear and that the accused had been given every opportunity to ex
at the accused had been given every opportunity to explain the circums
ALLEGED FORGERY AND UTTERING.
JURY DISAGREES—NEW TRIAL ORDERED.
ence was clear and that the accused had been given every opportunity t
d that the accused had been given every opportunity to explain the cir
e court said that the evidence was clear and that the accused had been
the evidence was clear and that the accused had been given every oppo
clear and that the accused had been given every opportunity to explai
he accused had been given every opportunity to explain the circumstanc
said that the evidence was clear and that the accused had been given e
dence was clear and that the accused had been given every opportunity
nd that the accused had been given every opportunity to explain the ci
he court said that the evidence was clear and that the accused had bee
t the evidence was clear and that the accused had been given every opp
s clear and that the accused had been given every opportunity to expla
the accused had been given every opportunity to explain the circumstan
said that the evidence was clear and that the accused had been given
idence was clear and that the accused had been given every opportunity
and that the accused had been given every opportunity to explain the c
the court said that the evidence was clear and that the accused had be
at the evidence was clear and that the accused had been given every op
as clear and that the accused had been given every opportunity to expl
the accused had been given every opportunity to explain the circumsta
t said that the evidence was clear and that the accused had been given
vidence was clear and that the accused had been given every opportunit
and that the accused had been given every opportunity to explain the
used had been given every opportunity to explain the circumstances of
hat the evidence was clear and that the accused had been given every o
was clear and that the accused had been given every opportunity to exp
t the accused had been given every opportunity to explain the circumst
rt said that the evidence was clear and that the accused had been give
evidence was clear and that the accused had been given every opportuni
r and that the accused had been given every opportunity to explain the
cused had been given every opportunity to explain the circumstances of
that the evidence was clear and that the accused had been given every
was clear and that the accused had been given every opportunity to ex
at the accused had been given every opportunity to explain the circums
urt said that the evidence was clear and that the accused had been giv
evidence was clear and that the accused had been given every opportun
ar and that the accused had been given every opportunity to explain th
ccused had been given every opportunity to explain the circumstances o
that the evidence was clear and that the accused had been given every
e was clear and that the accused had been given every opportunity to e
hat the accused had been given every opportunity to explain the circum
ourt said that the evidence was clear and that the accused had been gi
e evidence was clear and that the accused had been given every opportu
ear and that the accused had been given every opportunity to explain t
accused had been given every opportunity to explain the circumstances
d that the evidence was clear and that the accused had been given ever
ce was clear and that the accused had been given every opportunity to
that the accused had been given every opportunity to explain the circu
court said that the evidence was clear and that the accused had been g
he evidence was clear and that the accused had been given every opport
lear and that the accused had been given every opportunity to explain
accused had been given every opportunity to explain the circumstances
id that the evidence was clear and that the accused had been given eve
nce was clear and that the accused had been given every opportunity to
that the accused had been given every opportunity to explain the circ
court said that the evidence was clear and that the accused had been
the evidence was clear and that the accused had been given every oppor
clear and that the accused had been given every opportunity to explain
e accused had been given every opportunity to explain the circumstance
aid that the evidence was clear and that the accused had been given ev
ence was clear and that the accused had been given every opportunity t
d that the accused had been given every opportunity to explain the cir
e court said that the evidence was clear and that the accused had been
the evidence was clear and that the accused had been given every oppo
clear and that the accused had been given every opportunity to explai
he accused had been given every opportunity to explain the circumstanc
said that the evidence was clear and that the accused had been given e
dence was clear and that the accused had been given every opportunity
MAGISTRATE'S COURT.
POLICE CASES.
(Before Messrs. John Collins and E. Carrigan, J.P.'s.)
ence was clear and that the accused had been given every opportunity t
d that the accused had been given every opportunity to explain the cir
MAN MASQUERADING IN FEMALE ATTIRE.
ence was clear and that the accused had been given every opportunity t
d that the accused had been given every opportunity to explain the cir
e court said that the evidence was clear and that the accused had been
the evidence was clear and that the accused had been given every oppo
clear and that the accused had been given every opportunity to explai
he accused had been given every opportunity to explain the circumstanc
said that the evidence was clear and that the accused had been given e
dence was clear and that the accused had been given every opportunity
nd that the accused had been given every opportunity to explain the ci
he court said that the evidence was clear and that the accused had bee
t the evidence was clear and that the accused had been given every opp
s clear and that the accused had been given every opportunity to expla
the accused had been given every opportunity to explain the circumstan
said that the evidence was clear and that the accused had been given
idence was clear and that the accused had been given every opportunity
and that the accused had been given every opportunity to explain the c
the court said that the evidence was clear and that the accused had be
at the evidence was clear and that the accused had been given every op
as clear and that the accused had been given every opportunity to expl
the accused had been given every opportunity to explain the circumsta
t said that the evidence was clear and that the accused had been given
vidence was clear and that the accused had been given every opportunit
and that the accused had been given every opportunity to explain the
used had been given every opportunity to explain the circumstances of
hat the evidence was clear and that the accused had been given every o
was clear and that the accused had been given every opportunity to exp
THEFT OF A PAIR OF SLIPPERS.
ence was clear and that the accused had been given every opportunity t
d that the accused had been given every opportunity to explain the cir
e court said that the evidence was clear and that the accused had been
the evidence was clear and that the accused had been given every oppo
clear and that the accused had been given every opportunity to explai
he accused had been given every opportunity to explain the circumstanc
said that the evidence was clear and that the accused had been given e
dence was clear and that the accused had been given every opportunity
nd that the accused had been given every opportunity to explain the ci
he court said that the evidence was clear and that the accused had bee
t the evidence was clear and that the accused had been given every opp
s clear and that the accused had been given every opportunity to expla
the accused had been given every opportunity to explain the circumstan
said that the evidence was clear and that the accused had been given
A VAGRANCY CHARGE.
ence was clear and that the accused had been given every opportunity t
d that the accused had been given every opportunity to explain the cir
e court said that the evidence was clear and that the accused had been
the evidence was clear and that the accused had been given every oppo
clear and that the accused had been given every opportunity to explai
he accused had been given every opportunity to explain the circumstanc
said that the evidence was clear and that the accused had been given e
dence was clear and that the accused had been given every opportunity
nd that the accused had been given every opportunity to explain the ci
he court said that the evidence was clear and that the accused had bee
t the evidence was clear and that the accused had been given every opp
s clear and that the accused had been given every opportunity to expla
the accused had been given every opportunity to explain the circumstan
said that the evidence was clear and that the accused had been given
idence was clear and that the accused had been given every opportunity
and that the accused had been given every opportunity to explain the c
the court said that the evidence was clear and that the accused had be
at the evidence was clear and that the accused had been given every op
as clear and that the accused had been given every opportunity to expl
the accused had been given every opportunity to explain the circumsta
t said that the evidence was clear and that the accused had been given
vidence was clear and that the accused had been given every opportunit
DESERTING FROM A WARSHIP.
ence was clear and that the accused had been given every opportunity t
d that the accused had been given every opportunity to explain the cir
e court said that the evidence was clear and that the accused had been
the evidence was clear and that the accused had been given every oppo
clear and that the accused had been given every opportunity to explai
he accused had been given every opportunity to explain the circumstanc
said that the evidence was clear and that the accused had been given e
dence was clear and that the accused had been given every opportunity
nd that the accused had been given every opportunity to explain the ci
he court said that the evidence was clear and that the accused had bee
t the evidence was clear and that the accused had been given every opp
s clear and that the accused had been given every opportunity to expla
MISCELLANEOUS.
ence was clear and that the accused had been given every opportunity t
d that the accused had been given every opportunity to explain the cir
e court said that the evidence was clear and that the accused had been
the evidence was clear and that the accused had been given every oppo
clear and that the accused had been given every opportunity to explai
he accused had been given every opportunity to explain the circumstanc
said that the evidence was clear and that the accused had been given e
dence was clear and that the accused had been given every opportunity
nd that the accused had been given every opportunity to explain the ci
he court said that the evidence was clear and that the accused had bee
t the evidence was clear and that the accused had been given every opp
s clear and that the accused had been given every opportunity to expla
the accused had been given every opportunity to explain the circumstan
said that the evidence was clear and that the accused had been given
idence was clear and that the accused had been given every opportunity
and that the accused had been given every opportunity to explain the c

The prisoner was released on his own undertaking to appear this morning with his sureties.

s clear and that the accused had been given every opportunity to expla
the accused had been given every opportunity to explain the circumstan
MARRIED WOMAN'S SERIOUS OFFENCE.
MERCY EXTENDED.
s clear and that the accused had been given every opportunity to expla
the accused had been given every opportunity to explain the circumstan
said that the evidence was clear and that the accused had been given
idence was clear and that the accused had been given every opportunity
and that the accused had been given every opportunity to explain the c
the court said that the evidence was clear and that the accused had be
at the evidence was clear and that the accused had been given every op
as clear and that the accused had been given every opportunity to expl
the accused had been given every opportunity to explain the circumsta
t said that the evidence was clear and that the accused had been given
vidence was clear and that the accused had been given every opportunit
and that the accused had been given every opportunity to explain the
used had been given every opportunity to explain the circumstances of
hat the evidence was clear and that the accused had been given every o
was clear and that the accused had been given every opportunity to exp
t the accused had been given every opportunity to explain the circumst
rt said that the evidence was clear and that the accused had been give
evidence was clear and that the accused had been given every opportuni
r and that the accused had been given every opportunity to explain the
cused had been given every opportunity to explain the circumstances of
that the evidence was clear and that the accused had been given every
was clear and that the accused had been given every opportunity to ex
at the accused had been given every opportunity to explain the circums
urt said that the evidence was clear and that the accused had been giv
evidence was clear and that the accused had been given every opportun
ar and that the accused had been given every opportunity to explain th
ccused had been given every opportunity to explain the circumstances o
that the evidence was clear and that the accused had been given every
e was clear and that the accused had been given every opportunity to e
hat the accused had been given every opportunity to explain the circum
ourt said that the evidence was clear and that the accused had been gi
e evidence was clear and that the accused had been given every opportu
ear and that the accused had been given every opportunity to explain t
accused had been given every opportunity to explain the circumstances
d that the evidence was clear and that the accused had been given ever
ce was clear and that the accused had been given every opportunity to
that the accused had been given every opportunity to explain the circu
court said that the evidence was clear and that the accused had been g
he evidence was clear and that the accused had been given every opport
lear and that the accused had been given every opportunity to explain
accused had been given every opportunity to explain the circumstances
id that the evidence was clear and that the accused had been given eve
nce was clear and that the accused had been given every opportunity to
that the accused had been given every opportunity to explain the circ
court said that the evidence was clear and that the accused had been
the evidence was clear and that the accused had been given every oppor
clear and that the accused had been given every opportunity to explain
e accused had been given every opportunity to explain the circumstance
aid that the evidence was clear and that the accused had been given ev
ence was clear and that the accused had been given every opportunity t
d that the accused had been given every opportunity to explain the cir
e court said that the evidence was clear and that the accused had been
the evidence was clear and that the accused had been given every oppo
clear and that the accused had been given every opportunity to explai
he accused had been given every opportunity to explain the circumstanc
said that the evidence was clear and that the accused had been given e
dence was clear and that the accused had been given every opportunity
nd that the accused had been given every opportunity to explain the ci
he court said that the evidence was clear and that the accused had bee
t the evidence was clear and that the accused had been given every opp
s clear and that the accused had been given every opportunity to expla
the accused had been given every opportunity to explain the circumstan
said that the evidence was clear and that the accused had been given
idence was clear and that the accused had been given every opportunity
and that the accused had been given every opportunity to explain the c
the court said that the evidence was clear and that the accused had be
at the evidence was clear and that the accused had been given every op
as clear and that the accused had been given every opportunity to expl
the accused had been given every opportunity to explain the circumsta
t said that the evidence was clear and that the accused had been given
vidence was clear and that the accused had been given every opportunit
and that the accused had been given every opportunity to explain the
MONEY ORDER TELEGRAMS.
ALLEGED FORGERY.

(Before Dr. A. M'Arthur, S.M.) George Leech was charged (1) with having, on August 13, at Wellington, obtained by a forged telegram the sum of £49.

s clear and that the accused had been given every opportunity to expla
the accused had been given every opportunity to explain the circumstan
said that the evidence was clear and that the accused had been given
idence was clear and that the accused had been given every opportunity
and that the accused had been given every opportunity to explain the c
the court said that the evidence was clear and that the accused had be
at the evidence was clear and that the accused had been given every op
as clear and that the accused had been given every opportunity to expl
the accused had been given every opportunity to explain the circumsta
t said that the evidence was clear and that the accused had been given
vidence was clear and that the accused had been given every opportunit
and that the accused had been given every opportunity to explain the
used had been given every opportunity to explain the circumstances of
hat the evidence was clear and that the accused had been given every o
was clear and that the accused had been given every opportunity to exp
t the accused had been given every opportunity to explain the circumst
rt said that the evidence was clear and that the accused had been give
evidence was clear and that the accused had been given every opportuni
r and that the accused had been given every opportunity to explain the
cused had been given every opportunity to explain the circumstances of
that the evidence was clear and that the accused had been given every
was clear and that the accused had been given every opportunity to ex
at the accused had been given every opportunity to explain the circums
urt said that the evidence was clear and that the accused had been giv
evidence was clear and that the accused had been given every opportun
ar and that the accused had been given every opportunity to explain th
ccused had been given every opportunity to explain the circumstances o
that the evidence was clear and that the accused had been given every
e was clear and that the accused had been given every opportunity to e
hat the accused had been given every opportunity to explain the circum

on August 11 he sent a money order telegram for £40, addressed: "Geo. Leech, Post Office, Wellington," at the request of Leech's mother.

and that the accused had been given every opportunity to explain the
used had been given every opportunity to explain the circumstances of
hat the evidence was clear and that the accused had been given every o
was clear and that the accused had been given every opportunity to exp
t the accused had been given every opportunity to explain the circumst
rt said that the evidence was clear and that the accused had been give
evidence was clear and that the accused had been given every opportuni
r and that the accused had been given every opportunity to explain the
cused had been given every opportunity to explain the circumstances of
that the evidence was clear and that the accused had been given every
was clear and that the accused had been given every opportunity to ex
at the accused had been given every opportunity to explain the circums
urt said that the evidence was clear and that the accused had been giv
evidence was clear and that the accused had been given every opportun
ar and that the accused had been given every opportunity to explain th
ccused had been given every opportunity to explain the circumstances o
that the evidence was clear and that the accused had been given every
e was clear and that the accused had been given every opportunity to e
hat the accused had been given every opportunity to explain the circum
ourt said that the evidence was clear and that the accused had been gi
e evidence was clear and that the accused had been given every opportu
ear and that the accused had been given every opportunity to explain t
accused had been given every opportunity to explain the circumstances
d that the evidence was clear and that the accused had been given ever
ce was clear and that the accused had been given every opportunity to
that the accused had been given every opportunity to explain the circu
court said that the evidence was clear and that the accused had been g
he evidence was clear and that the accused had been given every opport
lear and that the accused had been given every opportunity to explain
accused had been given every opportunity to explain the circumstances
id that the evidence was clear and that the accused had been given eve
nce was clear and that the accused had been given every opportunity to
that the accused had been given every opportunity to explain the circ
court said that the evidence was clear and that the accused had been
the evidence was clear and that the accused had been given every oppor
clear and that the accused had been given every opportunity to explain
e accused had been given every opportunity to explain the circumstance
aid that the evidence was clear and that the accused had been given ev
ence was clear and that the accused had been given every opportunity t
d that the accused had been given every opportunity to explain the cir
e court said that the evidence was clear and that the accused had been
the evidence was clear and that the accused had been given every oppo
clear and that the accused had been given every opportunity to explai
he accused had been given every opportunity to explain the circumstanc
said that the evidence was clear and that the accused had been given e
dence was clear and that the accused had been given every opportunity
nd that the accused had been given every opportunity to explain the ci
he court said that the evidence was clear and that the accused had bee
t the evidence was clear and that the accused had been given every opp
s clear and that the accused had been given every opportunity to expla
the accused had been given every opportunity to explain the circumstan
said that the evidence was clear and that the accused had been given
idence was clear and that the accused had been given every opportunity
and that the accused had been given every opportunity to explain the c
the court said that the evidence was clear and that the accused had be
at the evidence was clear and that the accused had been given every op
as clear and that the accused had been given every opportunity to expl
the accused had been given every opportunity to explain the circumsta
t said that the evidence was clear and that the accused had been given
vidence was clear and that the accused had been given every opportunit
and that the accused had been given every opportunity to explain the
used had been given every opportunity to explain the circumstances of
hat the evidence was clear and that the accused had been given every o
was clear and that the accused had been given every opportunity to exp
t the accused had been given every opportunity to explain the circumst
rt said that the evidence was clear and that the accused had been give
evidence was clear and that the accused had been given every opportuni
r and that the accused had been given every opportunity to explain the
cused had been given every opportunity to explain the circumstances of
that the evidence was clear and that the accused had been given every
was clear and that the accused had been given every opportunity to ex
at the accused had been given every opportunity to explain the circums
urt said that the evidence was clear and that the accused had been giv
evidence was clear and that the accused had been given every opportun
ar and that the accused had been given every opportunity to explain th
ccused had been given every opportunity to explain the circumstances o
that the evidence was clear and that the accused had been given every
e was clear and that the accused had been given every opportunity to e
hat the accused had been given every opportunity to explain the circum
ourt said that the evidence was clear and that the accused had been gi
e evidence was clear and that the accused had been given every opportu
ear and that the accused had been given every opportunity to explain t
accused had been given every opportunity to explain the circumstances
d that the evidence was clear and that the accused had been given ever
ce was clear and that the accused had been given every opportunity to
that the accused had been given every opportunity to explain the circu
court said that the evidence was clear and that the accused had been g
he evidence was clear and that the accused had been given every opport
lear and that the accused had been given every opportunity to explain
accused had been given every opportunity to explain the circumstances
LECTURE ON NO-LICENSE.

An address on "Moneymaking versus Moneymaking" was delivered by Miss Anderson Hughes at the Vivian Street Baptist Church last evening.

and that the accused had been given every opportunity to explain the
used had been given every opportunity to explain the circumstances of
hat the evidence was clear and that the accused had been given every o
was clear and that the accused had been given every opportunity to exp
t the accused had been given every opportunity to explain the circumst
rt said that the evidence was clear and that the accused had been give
evidence was clear and that the accused had been given every opportuni
r and that the accused had been given every opportunity to explain the
cused had been given every opportunity to explain the circumstances of
that the evidence was clear and that the accused had been given every
was clear and that the accused had been given every opportunity to ex
at the accused had been given every opportunity to explain the circums
urt said that the evidence was clear and that the accused had been giv
evidence was clear and that the accused had been given every opportun
ar and that the accused had been given every opportunity to explain th
ccused had been given every opportunity to explain the circumstances o
that the evidence was clear and that the accused had been given every
e was clear and that the accused had been given every opportunity to e
hat the accused had been given every opportunity to explain the circum
ourt said that the evidence was clear and that the accused had been gi
e evidence was clear and that the accused had been given every opportu
ear and that the accused had been given every opportunity to explain t
accused had been given every opportunity to explain the circumstances
d that the evidence was clear and that the accused had been given ever
ce was clear and that the accused had been given every opportunity to
that the accused had been given every opportunity to explain the circu
court said that the evidence was clear and that the accused had been g
he evidence was clear and that the accused had been given every opport
lear and that the accused had been given every opportunity to explain
accused had been given every opportunity to explain the circumstances
THE WAIL OF THE INNOCENTS.

In every walk of life, we come across the individual who seems by nature fitted to play the part of the world's "wet-blanket."

and that the accused had been given every opportunity to explain the
used had been given every opportunity to explain the circumstances of
hat the evidence was clear and that the accused had been given every o
was clear and that the accused had been given every opportunity to exp
t the accused had been given every opportunity to explain the circumst
rt said that the evidence was clear and that the accused had been give
evidence was clear and that the accused had been given every opportuni
r and that the accused had been given every opportunity to explain the
cused had been given every opportunity to explain the circumstances of
that the evidence was clear and that the accused had been given every
was clear and that the accused had been given every opportunity to ex
at the accused had been given every opportunity to explain the circums
urt said that the evidence was clear and that the accused had been giv
evidence was clear and that the accused had been given every opportun
ar and that the accused had been given every opportunity to explain th
ccused had been given every opportunity to explain the circumstances o
that the evidence was clear and that the accused had been given every
e was clear and that the accused had been given every opportunity to e
hat the accused had been given every opportunity to explain the circum
ourt said that the evidence was clear and that the accused had been gi
e evidence was clear and that the accused had been given every opportu
ear and that the accused had been given every opportunity to explain t
accused had been given every opportunity to explain the circumstances
d that the evidence was clear and that the accused had been given ever
ce was clear and that the accused had been given every opportunity to
that the accused had been given every opportunity to explain the circu
court said that the evidence was clear and that the accused had been g
he evidence was clear and that the accused had been given every opport
lear and that the accused had been given every opportunity to explain
accused had been given every opportunity to explain the circumstances
id that the evidence was clear and that the accused had been given eve
nce was clear and that the accused had been given every opportunity to
that the accused had been given every opportunity to explain the circ
court said that the evidence was clear and that the accused had been
the evidence was clear and that the accused had been given every oppor
clear and that the accused had been given every opportunity to explain
e accused had been given every opportunity to explain the circumstance
aid that the evidence was clear and that the accused had been given ev
ence was clear and that the accused had been given every opportunity t
d that the accused had been given every opportunity to explain the cir
e court said that the evidence was clear and that the accused had been
the evidence was clear and that the accused had been given every oppo
clear and that the accused had been given every opportunity to explai
he accused had been given every opportunity to explain the circumstanc
said that the evidence was clear and that the accused had been given e
dence was clear and that the accused had been given every opportunity
nd that the accused had been given every opportunity to explain the ci
he court said that the evidence was clear and that the accused had bee
t the evidence was clear and that the accused had been given every opp
s clear and that the accused had been given every opportunity to expla
the accused had been given every opportunity to explain the circumstan
said that the evidence was clear and that the accused had been given
idence was clear and that the accused had been given every opportunity
and that the accused had been given every opportunity to explain the c
the court said that the evidence was clear and that the accused had be
at the evidence was clear and that the accused had been given every op
as clear and that the accused had been given every opportunity to expl
the accused had been given every opportunity to explain the circumsta
t said that the evidence was clear and that the accused had been given
vidence was clear and that the accused had been given every opportunit
